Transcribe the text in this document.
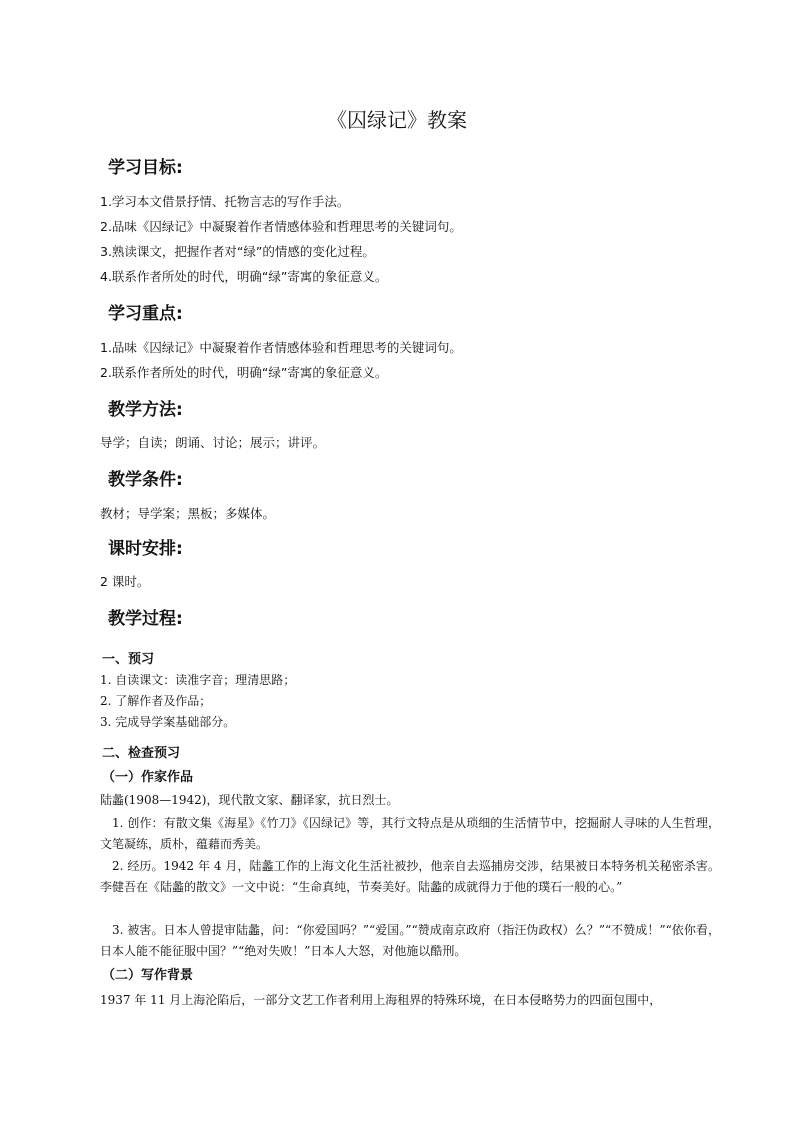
《囚绿记》教案
学习目标:
1.学习本文借景抒情、托物言志的写作手法。
2.品味《囚绿记》中凝聚着作者情感体验和哲理思考的关键词句。
3.熟读课文，把握作者对“绿”的情感的变化过程。
4.联系作者所处的时代，明确“绿”寄寓的象征意义。
学习重点:
1.品味《囚绿记》中凝聚着作者情感体验和哲理思考的关键词句。
2.联系作者所处的时代，明确“绿”寄寓的象征意义。
教学方法:
导学；自读；朗诵、讨论；展示；讲评。
教学条件:
教材；导学案；黑板；多媒体。
课时安排:
2 课时。
教学过程:
一、预习
1. 自读课文：读准字音；理清思路；
2. 了解作者及作品；
3. 完成导学案基础部分。
二、检查预习
（一）作家作品
陆蠡(1908—1942)，现代散文家、翻译家，抗日烈士。
1. 创作：有散文集《海星》《竹刀》《囚绿记》等，其行文特点是从琐细的生活情节中，挖掘耐人寻味的人生哲理，文笔凝练，质朴，蕴藉而秀美。
2. 经历。1942 年 4 月，陆蠡工作的上海文化生活社被抄，他亲自去巡捕房交涉，结果被日本特务机关秘密杀害。李健吾在《陆蠡的散文》一文中说：“生命真纯，节奏美好。陆蠡的成就得力于他的璞石一般的心。”
3. 被害。日本人曾提审陆蠡，问：“你爱国吗？”“爱国。”“赞成南京政府（指汪伪政权）么？”“不赞成！”“依你看，日本人能不能征服中国？”“绝对失败！”日本人大怒，对他施以酷刑。
（二）写作背景
1937 年 11 月上海沦陷后，一部分文艺工作者利用上海租界的特殊环境，在日本侵略势力的四面包围中，
